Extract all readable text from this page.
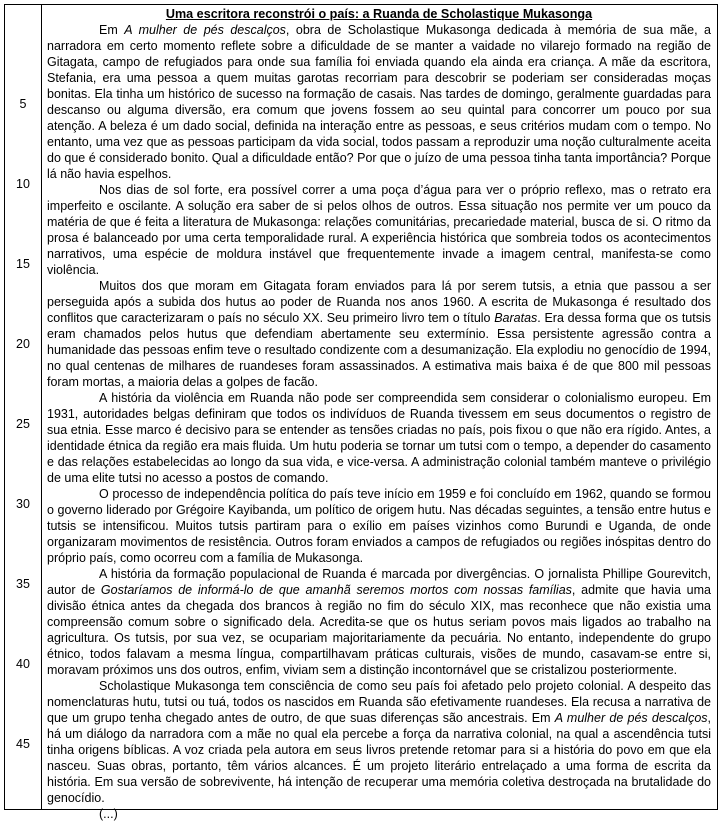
5
10
15
20
25
30
35
40
45
Uma escritora reconstrói o país: a Ruanda de Scholastique Mukasonga

Em A mulher de pés descalços, obra de Scholastique Mukasonga dedicada à memória de sua mãe, a narradora em certo momento reflete sobre a dificuldade de se manter a vaidade no vilarejo formado na região de Gitagata, campo de refugiados para onde sua família foi enviada quando ela ainda era criança. A mãe da escritora, Stefania, era uma pessoa a quem muitas garotas recorriam para descobrir se poderiam ser consideradas moças bonitas. Ela tinha um histórico de sucesso na formação de casais. Nas tardes de domingo, geralmente guardadas para descanso ou alguma diversão, era comum que jovens fossem ao seu quintal para concorrer um pouco por sua atenção. A beleza é um dado social, definida na interação entre as pessoas, e seus critérios mudam com o tempo. No entanto, uma vez que as pessoas participam da vida social, todos passam a reproduzir uma noção culturalmente aceita do que é considerado bonito. Qual a dificuldade então? Por que o juízo de uma pessoa tinha tanta importância? Porque lá não havia espelhos.

Nos dias de sol forte, era possível correr a uma poça d’água para ver o próprio reflexo, mas o retrato era imperfeito e oscilante. A solução era saber de si pelos olhos de outros. Essa situação nos permite ver um pouco da matéria de que é feita a literatura de Mukasonga: relações comunitárias, precariedade material, busca de si. O ritmo da prosa é balanceado por uma certa temporalidade rural. A experiência histórica que sombreia todos os acontecimentos narrativos, uma espécie de moldura instável que frequentemente invade a imagem central, manifesta-se como violência.

Muitos dos que moram em Gitagata foram enviados para lá por serem tutsis, a etnia que passou a ser perseguida após a subida dos hutus ao poder de Ruanda nos anos 1960. A escrita de Mukasonga é resultado dos conflitos que caracterizaram o país no século XX. Seu primeiro livro tem o título Baratas. Era dessa forma que os tutsis eram chamados pelos hutus que defendiam abertamente seu extermínio. Essa persistente agressão contra a humanidade das pessoas enfim teve o resultado condizente com a desumanização. Ela explodiu no genocídio de 1994, no qual centenas de milhares de ruandeses foram assassinados. A estimativa mais baixa é de que 800 mil pessoas foram mortas, a maioria delas a golpes de facão.

A história da violência em Ruanda não pode ser compreendida sem considerar o colonialismo europeu. Em 1931, autoridades belgas definiram que todos os indivíduos de Ruanda tivessem em seus documentos o registro de sua etnia. Esse marco é decisivo para se entender as tensões criadas no país, pois fixou o que não era rígido. Antes, a identidade étnica da região era mais fluida. Um hutu poderia se tornar um tutsi com o tempo, a depender do casamento e das relações estabelecidas ao longo da sua vida, e vice-versa. A administração colonial também manteve o privilégio de uma elite tutsi no acesso a postos de comando.

O processo de independência política do país teve início em 1959 e foi concluído em 1962, quando se formou o governo liderado por Grégoire Kayibanda, um político de origem hutu. Nas décadas seguintes, a tensão entre hutus e tutsis se intensificou. Muitos tutsis partiram para o exílio em países vizinhos como Burundi e Uganda, de onde organizaram movimentos de resistência. Outros foram enviados a campos de refugiados ou regiões inóspitas dentro do próprio país, como ocorreu com a família de Mukasonga.

A história da formação populacional de Ruanda é marcada por divergências. O jornalista Phillipe Gourevitch, autor de Gostaríamos de informá-lo de que amanhã seremos mortos com nossas famílias, admite que havia uma divisão étnica antes da chegada dos brancos à região no fim do século XIX, mas reconhece que não existia uma compreensão comum sobre o significado dela. Acredita-se que os hutus seriam povos mais ligados ao trabalho na agricultura. Os tutsis, por sua vez, se ocupariam majoritariamente da pecuária. No entanto, independente do grupo étnico, todos falavam a mesma língua, compartilhavam práticas culturais, visões de mundo, casavam-se entre si, moravam próximos uns dos outros, enfim, viviam sem a distinção incontornável que se cristalizou posteriormente.

Scholastique Mukasonga tem consciência de como seu país foi afetado pelo projeto colonial. A despeito das nomenclaturas hutu, tutsi ou tuá, todos os nascidos em Ruanda são efetivamente ruandeses. Ela recusa a narrativa de que um grupo tenha chegado antes de outro, de que suas diferenças são ancestrais. Em A mulher de pés descalços, há um diálogo da narradora com a mãe no qual ela percebe a força da narrativa colonial, na qual a ascendência tutsi tinha origens bíblicas. A voz criada pela autora em seus livros pretende retomar para si a história do povo em que ela nasceu. Suas obras, portanto, têm vários alcances. É um projeto literário entrelaçado a uma forma de escrita da história. Em sua versão de sobrevivente, há intenção de recuperar uma memória coletiva destroçada na brutalidade do genocídio.

(...)
